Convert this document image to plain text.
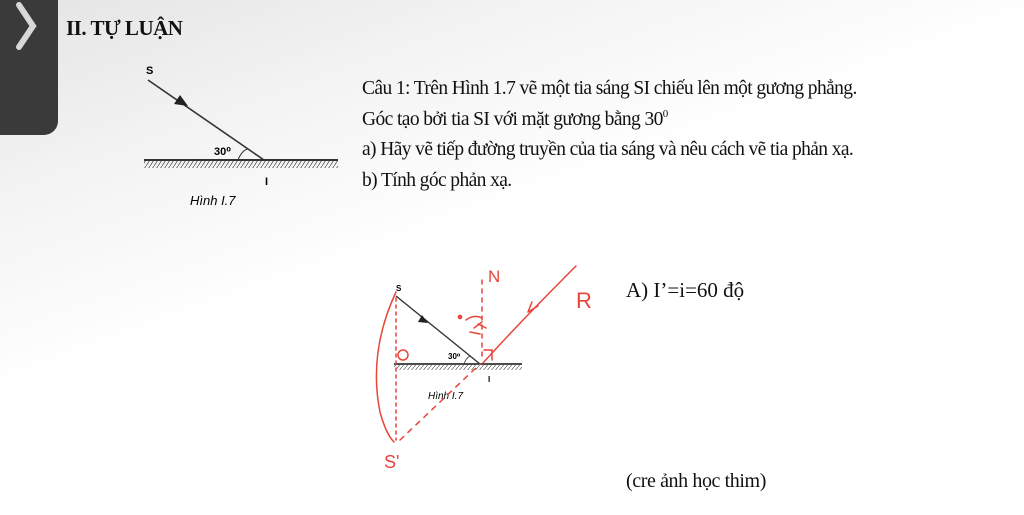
II. TỰ LUẬN
S
30⁰
I
Hình I.7
Câu 1: Trên Hình 1.7 vẽ một tia sáng SI chiếu lên một gương phẳng.
Góc tạo bởi tia SI với mặt gương bằng $30^0$
a) Hãy vẽ tiếp đường truyền của tia sáng và nêu cách vẽ tia phản xạ.
b) Tính góc phản xạ.
S
30⁰
I
Hình I.7
N
R
S'
A) I’=i=60 độ
(cre ảnh học thim)
